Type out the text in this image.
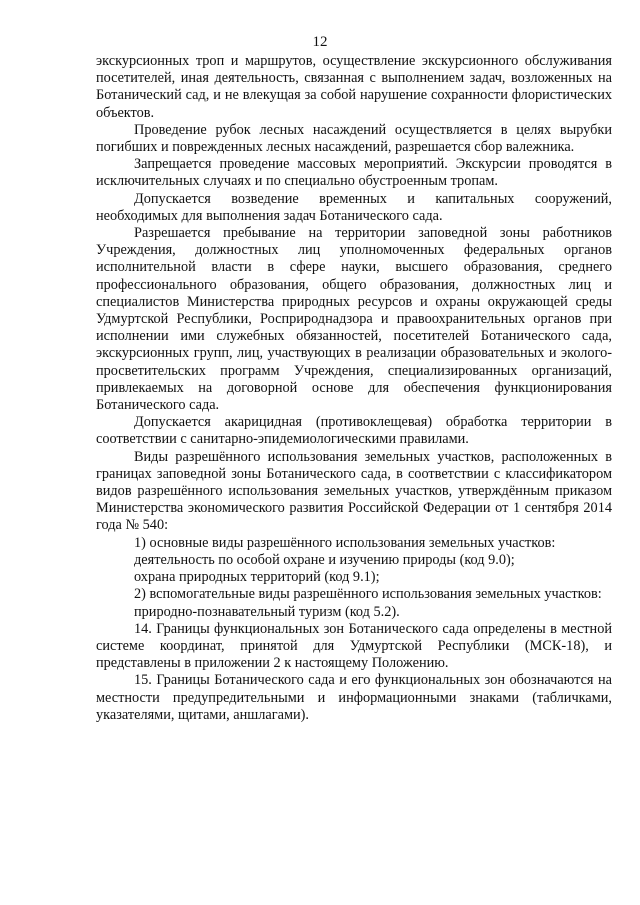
12

экскурсионных троп и маршрутов, осуществление экскурсионного обслуживания посетителей, иная деятельность, связанная с выполнением задач, возложенных на Ботанический сад, и не влекущая за собой нарушение сохранности флористических объектов.

Проведение рубок лесных насаждений осуществляется в целях вырубки погибших и поврежденных лесных насаждений, разрешается сбор валежника.

Запрещается проведение массовых мероприятий. Экскурсии проводятся в исключительных случаях и по специально обустроенным тропам.

Допускается возведение временных и капитальных сооружений, необходимых для выполнения задач Ботанического сада.

Разрешается пребывание на территории заповедной зоны работников Учреждения, должностных лиц уполномоченных федеральных органов исполнительной власти в сфере науки, высшего образования, среднего профессионального образования, общего образования, должностных лиц и специалистов Министерства природных ресурсов и охраны окружающей среды Удмуртской Республики, Росприроднадзора и правоохранительных органов при исполнении ими служебных обязанностей, посетителей Ботанического сада, экскурсионных групп, лиц, участвующих в реализации образовательных и эколого-просветительских программ Учреждения, специализированных организаций, привлекаемых на договорной основе для обеспечения функционирования Ботанического сада.

Допускается акарицидная (противоклещевая) обработка территории в соответствии с санитарно-эпидемиологическими правилами.

Виды разрешённого использования земельных участков, расположенных в границах заповедной зоны Ботанического сада, в соответствии с классификатором видов разрешённого использования земельных участков, утверждённым приказом Министерства экономического развития Российской Федерации от 1 сентября 2014 года № 540:

1) основные виды разрешённого использования земельных участков:

деятельность по особой охране и изучению природы (код 9.0);

охрана природных территорий (код 9.1);

2) вспомогательные виды разрешённого использования земельных участков:

природно-познавательный туризм (код 5.2).

14. Границы функциональных зон Ботанического сада определены в местной системе координат, принятой для Удмуртской Республики (МСК-18), и представлены в приложении 2 к настоящему Положению.

15. Границы Ботанического сада и его функциональных зон обозначаются на местности предупредительными и информационными знаками (табличками, указателями, щитами, аншлагами).
